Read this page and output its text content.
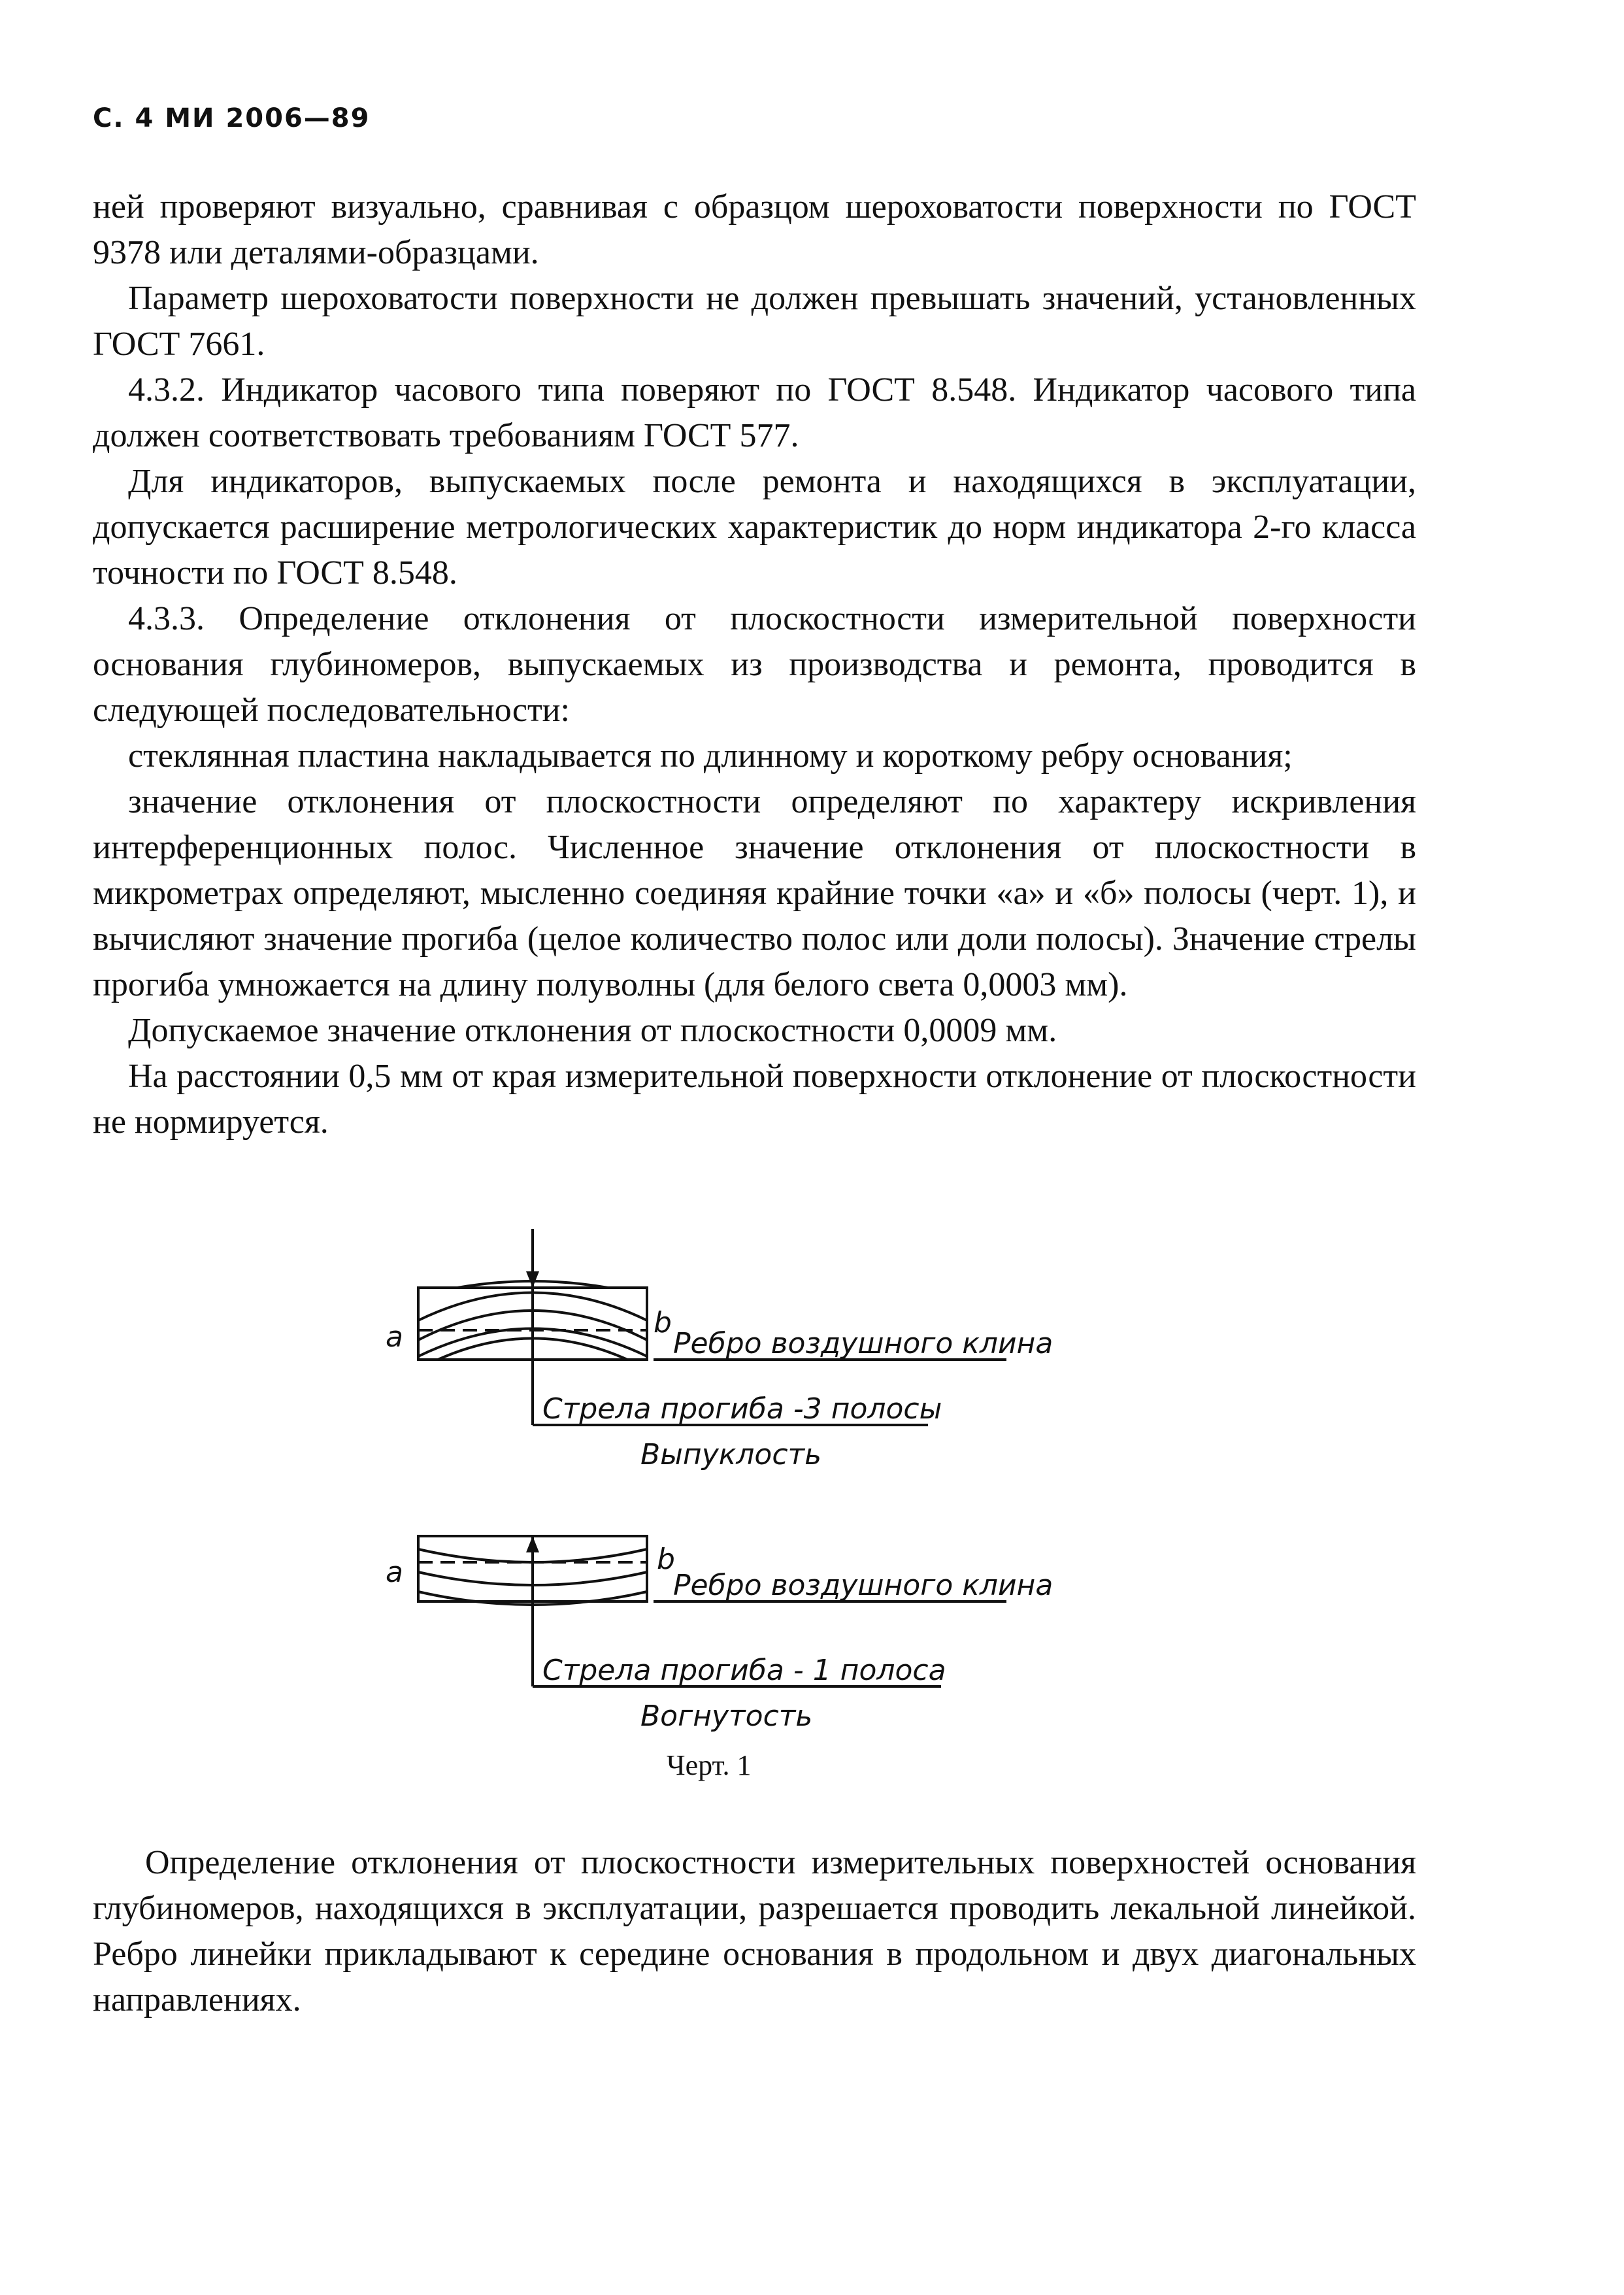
С. 4 МИ 2006—89

ней проверяют визуально, сравнивая с образцом шероховатости поверхности по ГОСТ 9378 или деталями-образцами.

Параметр шероховатости поверхности не должен превышать значений, установленных ГОСТ 7661.

4.3.2. Индикатор часового типа поверяют по ГОСТ 8.548. Индикатор часового типа должен соответствовать требованиям ГОСТ 577.

Для индикаторов, выпускаемых после ремонта и находящихся в эксплуатации, допускается расширение метрологических характеристик до норм индикатора 2-го класса точности по ГОСТ 8.548.

4.3.3. Определение отклонения от плоскостности измерительной поверхности основания глубиномеров, выпускаемых из производства и ремонта, проводится в следующей последовательности:

стеклянная пластина накладывается по длинному и короткому ребру основания;

значение отклонения от плоскостности определяют по характеру искривления интерференционных полос. Численное значение отклонения от плоскостности в микрометрах определяют, мысленно соединяя крайние точки «а» и «б» полосы (черт. 1), и вычисляют значение прогиба (целое количество полос или доли полосы). Значение стрелы прогиба умножается на длину полуволны (для белого света 0,0003 мм).

Допускаемое значение отклонения от плоскостности 0,0009 мм.

На расстоянии 0,5 мм от края измерительной поверхности отклонение от плоскостности не нормируется.

a	b
Ребро воздушного клина
Стрела прогиба -3 полосы
Выпуклость
a	b
Ребро воздушного клина
Стрела прогиба - 1 полоса
Вогнутость
Черт. 1

Определение отклонения от плоскостности измерительных поверхностей основания глубиномеров, находящихся в эксплуатации, разрешается проводить лекальной линейкой. Ребро линейки прикладывают к середине основания в продольном и двух диагональных направлениях.
